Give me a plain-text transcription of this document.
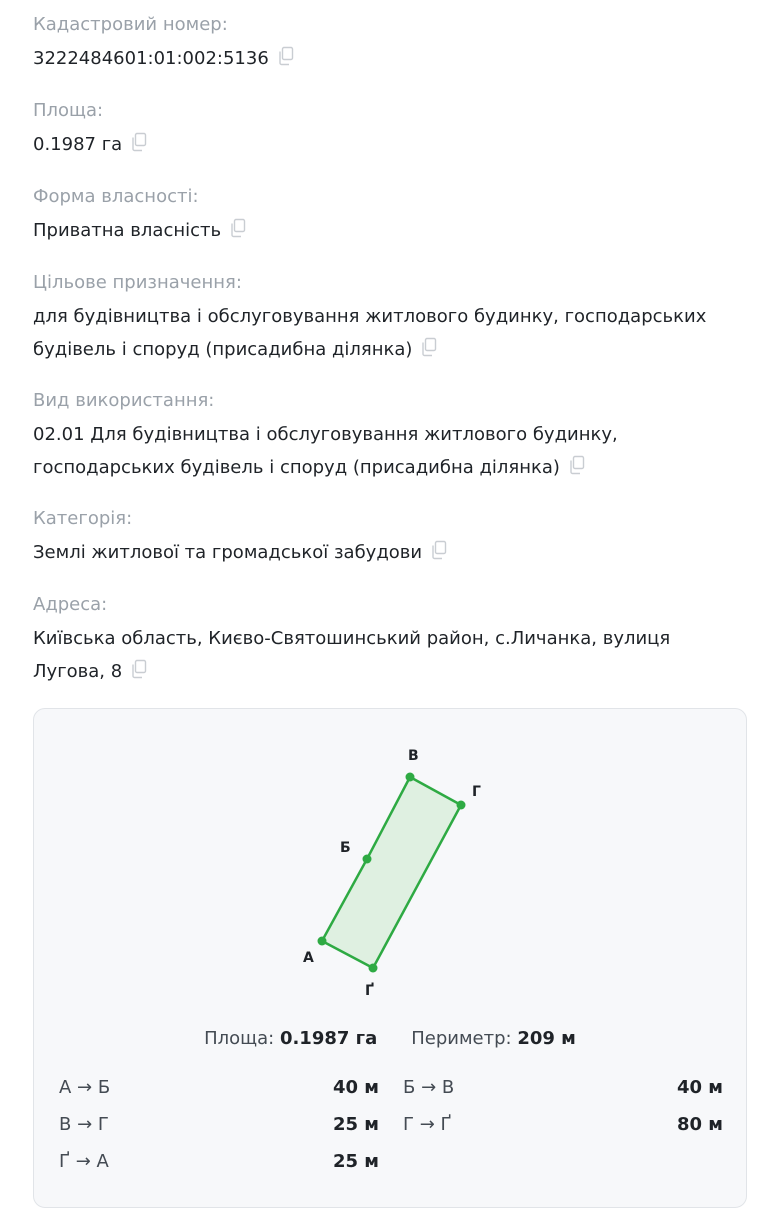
Кадастровий номер:
3222484601:01:002:5136
Площа:
0.1987 га
Форма власності:
Приватна власність
Цільове призначення:
для будівництва і обслуговування житлового будинку, господарських
будівель і споруд (присадибна ділянка)
Вид використання:
02.01 Для будівництва і обслуговування житлового будинку,
господарських будівель і споруд (присадибна ділянка)
Категорія:
Землі житлової та громадської забудови
Адреса:
Київська область, Києво-Святошинський район, с.Личанка, вулиця
Лугова, 8
А
Б
В
Г
Ґ
Площа: 0.1987 га Периметр: 209 м
А → Б	40 м Б → В	40 м
В → Г	25 м Г → Ґ	80 м
Ґ → А	25 м
